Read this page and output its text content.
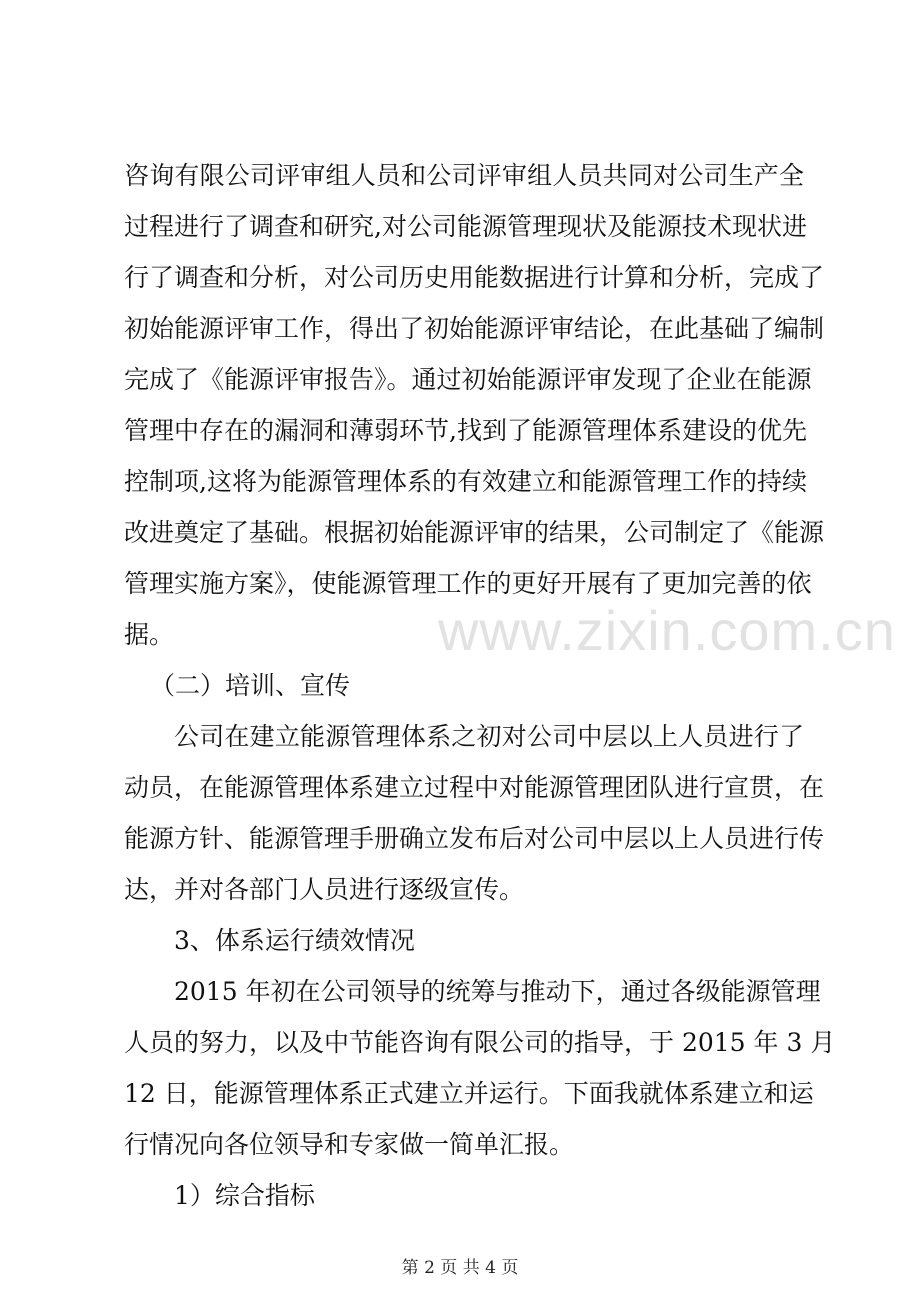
咨询有限公司评审组人员和公司评审组人员共同对公司生产全
过程进行了调查和研究,对公司能源管理现状及能源技术现状进
行了调查和分析，对公司历史用能数据进行计算和分析，完成了
初始能源评审工作，得出了初始能源评审结论，在此基础了编制
完成了《能源评审报告》。通过初始能源评审发现了企业在能源
管理中存在的漏洞和薄弱环节,找到了能源管理体系建设的优先
控制项,这将为能源管理体系的有效建立和能源管理工作的持续
改进奠定了基础。根据初始能源评审的结果，公司制定了《能源
管理实施方案》，使能源管理工作的更好开展有了更加完善的依
据。	www.zixin.com.cn
（二）培训、宣传
公司在建立能源管理体系之初对公司中层以上人员进行了
动员，在能源管理体系建立过程中对能源管理团队进行宣贯，在
能源方针、能源管理手册确立发布后对公司中层以上人员进行传
达，并对各部门人员进行逐级宣传。
3、体系运行绩效情况
2015 年初在公司领导的统筹与推动下，通过各级能源管理
人员的努力，以及中节能咨询有限公司的指导，于 2015 年 3 月
12 日，能源管理体系正式建立并运行。下面我就体系建立和运
行情况向各位领导和专家做一简单汇报。
1）综合指标
第 2 页 共 4 页
